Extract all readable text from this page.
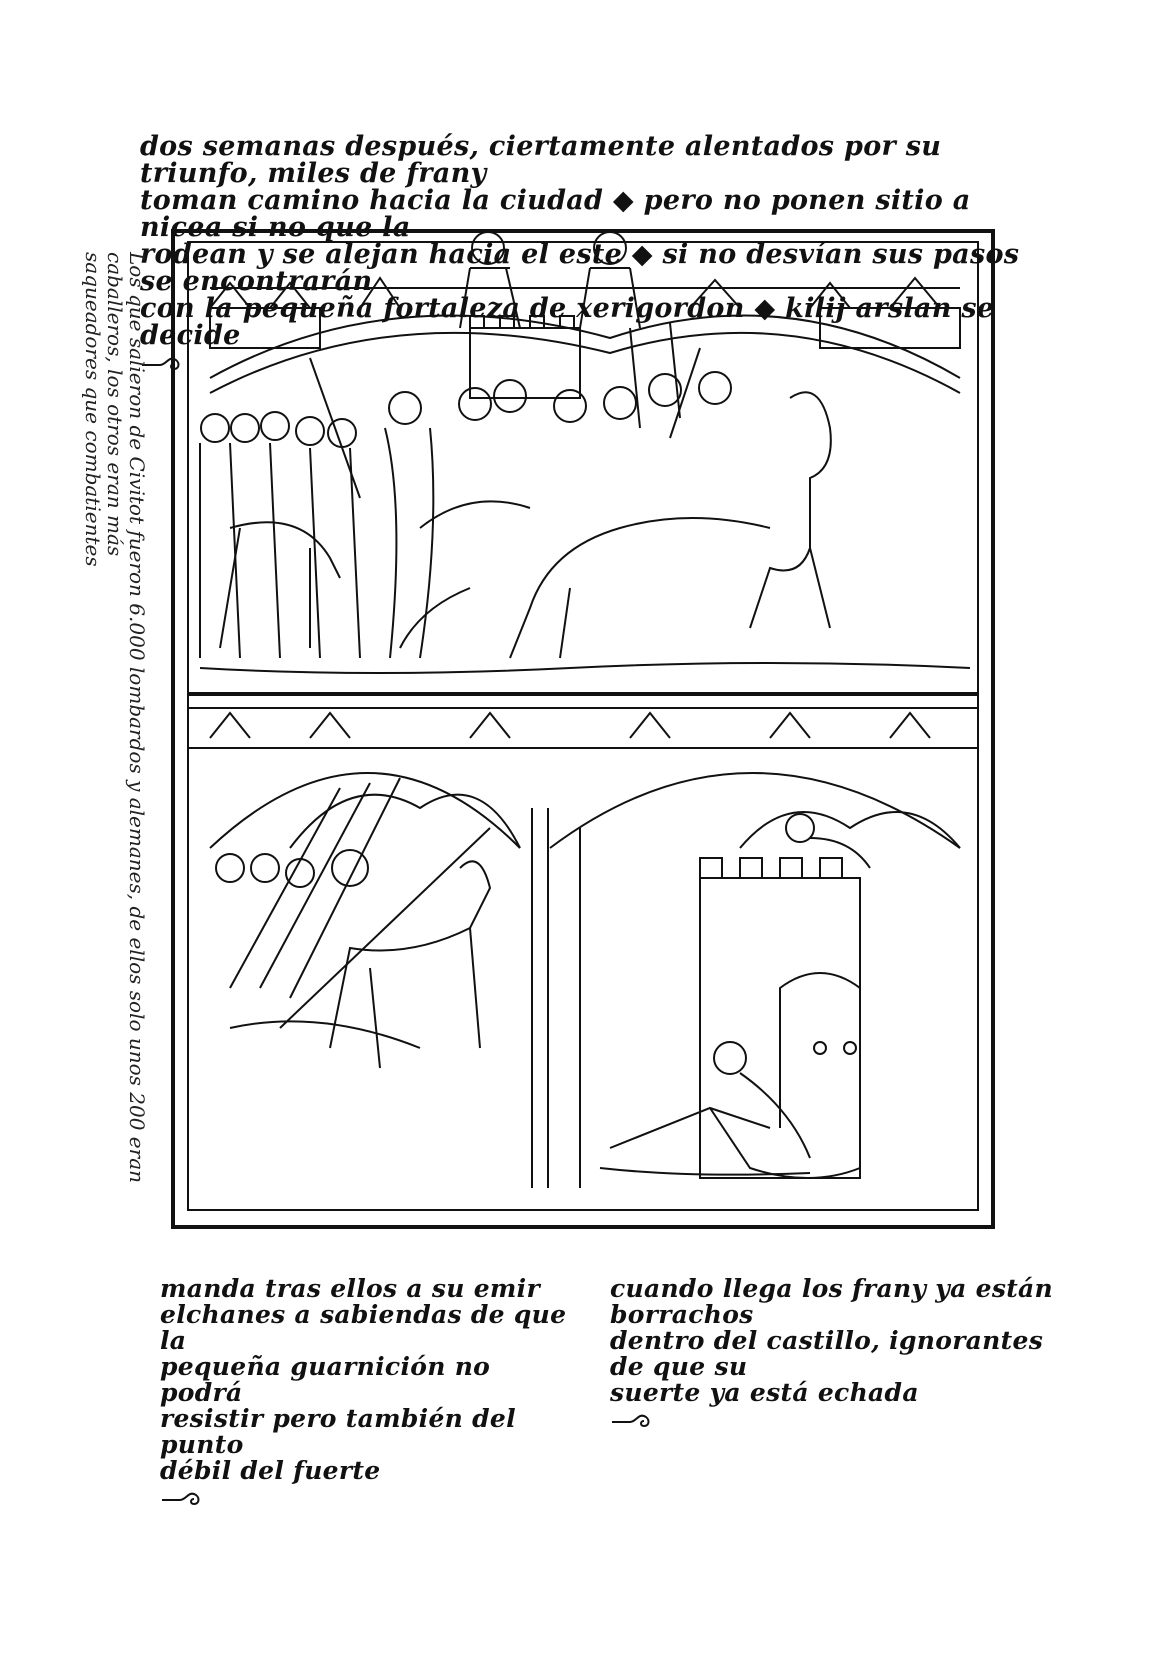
dos semanas después, ciertamente alentados por su triunfo, miles de frany
toman camino hacia la ciudad ◆ pero no ponen sitio a nicea si no que la
rodean y se alejan hacia el este ◆ si no desvían sus pasos se encontrarán
con la pequeña fortaleza de xerigordon ◆ kilij arslan se decide

Los que salieron de Civitot fueron 6.000 lombardos y alemanes, de ellos solo unos 200 eran caballeros, los otros eran más
saqueadores que combatientes

manda tras ellos a su emir
elchanes a sabiendas de que la
pequeña guarnición no podrá
resistir pero también del punto
débil del fuerte

cuando llega los frany ya están borrachos
dentro del castillo, ignorantes de que su
suerte ya está echada
